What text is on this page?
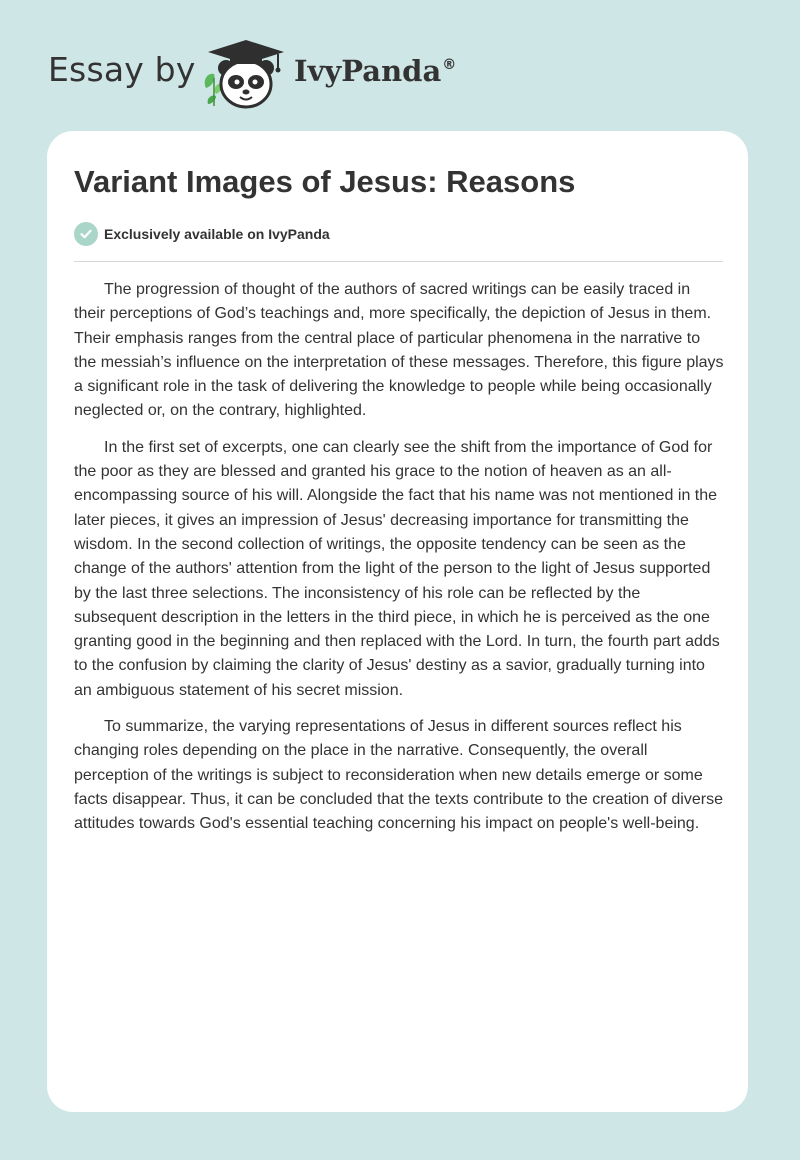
Essay by	IvyPanda®
Variant Images of Jesus: Reasons
Exclusively available on IvyPanda

The progression of thought of the authors of sacred writings can be easily traced in their perceptions of God’s teachings and, more specifically, the depiction of Jesus in them. Their emphasis ranges from the central place of particular phenomena in the narrative to the messiah’s influence on the interpretation of these messages. Therefore, this figure plays a significant role in the task of delivering the knowledge to people while being occasionally neglected or, on the contrary, highlighted.

In the first set of excerpts, one can clearly see the shift from the importance of God for the poor as they are blessed and granted his grace to the notion of heaven as an all-encompassing source of his will. Alongside the fact that his name was not mentioned in the later pieces, it gives an impression of Jesus' decreasing importance for transmitting the wisdom. In the second collection of writings, the opposite tendency can be seen as the change of the authors' attention from the light of the person to the light of Jesus supported by the last three selections. The inconsistency of his role can be reflected by the subsequent description in the letters in the third piece, in which he is perceived as the one granting good in the beginning and then replaced with the Lord. In turn, the fourth part adds to the confusion by claiming the clarity of Jesus' destiny as a savior, gradually turning into an ambiguous statement of his secret mission.

To summarize, the varying representations of Jesus in different sources reflect his changing roles depending on the place in the narrative. Consequently, the overall perception of the writings is subject to reconsideration when new details emerge or some facts disappear. Thus, it can be concluded that the texts contribute to the creation of diverse attitudes towards God's essential teaching concerning his impact on people's well-being.
